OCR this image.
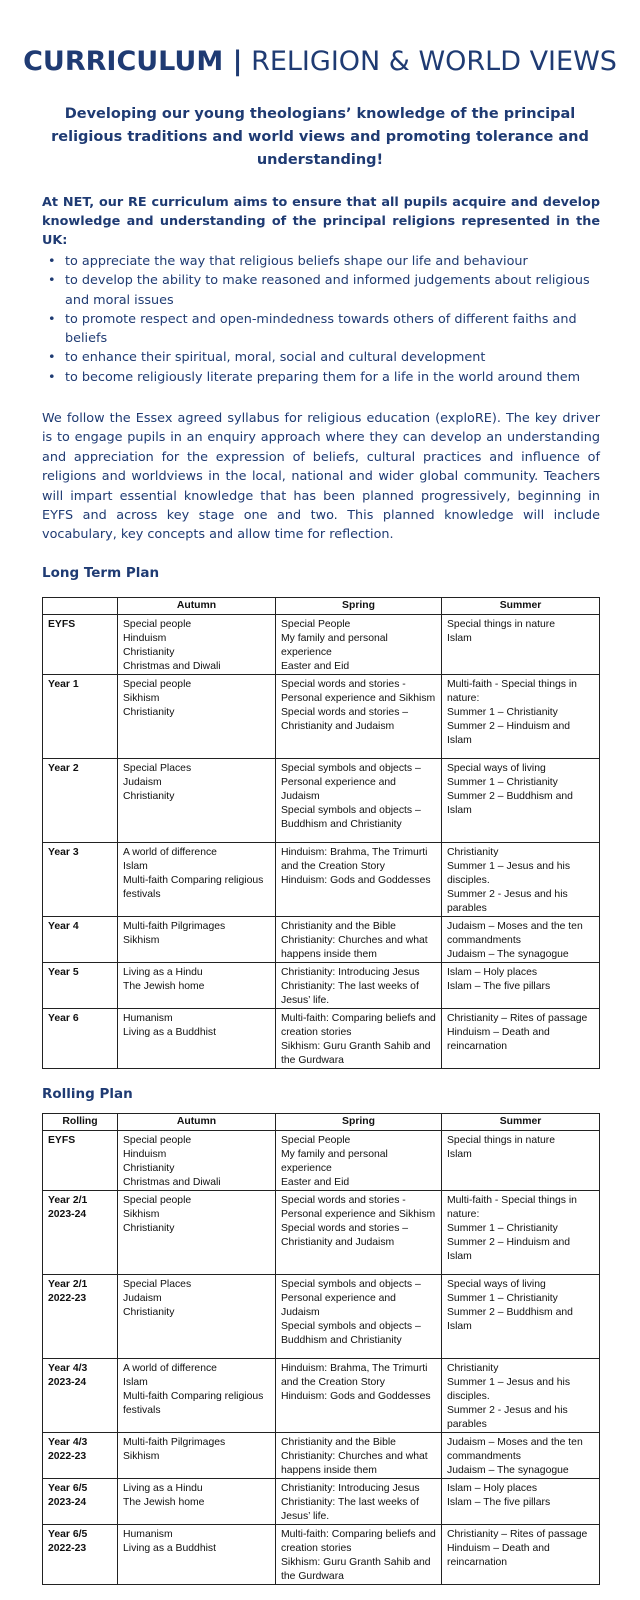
CURRICULUM | RELIGION & WORLD VIEWS
Developing our young theologians’ knowledge of the principal religious traditions and world views and promoting tolerance and understanding!
At NET, our RE curriculum aims to ensure that all pupils acquire and develop knowledge and understanding of the principal religions represented in the UK:
• to appreciate the way that religious beliefs shape our life and behaviour
• to develop the ability to make reasoned and informed judgements about religious and moral issues
• to promote respect and open-mindedness towards others of different faiths and beliefs
• to enhance their spiritual, moral, social and cultural development
• to become religiously literate preparing them for a life in the world around them
We follow the Essex agreed syllabus for religious education (exploRE). The key driver is to engage pupils in an enquiry approach where they can develop an understanding and appreciation for the expression of beliefs, cultural practices and influence of religions and worldviews in the local, national and wider global community. Teachers will impart essential knowledge that has been planned progressively, beginning in EYFS and across key stage one and two. This planned knowledge will include vocabulary, key concepts and allow time for reflection.
Long Term Plan
	Autumn	Spring	Summer

EYFS	Special people
Hinduism
Christianity
Christmas and Diwali	Special People
My family and personal experience
Easter and Eid	Special things in nature
Islam

Year 1	Special people
Sikhism
Christianity	Special words and stories - Personal experience and Sikhism
Special words and stories – Christianity and Judaism	Multi-faith - Special things in nature:
Summer 1 – Christianity
Summer 2 – Hinduism and Islam

Year 2	Special Places
Judaism
Christianity	Special symbols and objects – Personal experience and Judaism
Special symbols and objects – Buddhism and Christianity	Special ways of living
Summer 1 – Christianity
Summer 2 – Buddhism and Islam

Year 3	A world of difference
Islam
Multi-faith Comparing religious festivals	Hinduism: Brahma, The Trimurti and the Creation Story
Hinduism: Gods and Goddesses	Christianity
Summer 1 – Jesus and his disciples.
Summer 2 - Jesus and his parables

Year 4	Multi-faith Pilgrimages
Sikhism	Christianity and the Bible
Christianity: Churches and what happens inside them	Judaism – Moses and the ten commandments
Judaism – The synagogue

Year 5	Living as a Hindu
The Jewish home	Christianity: Introducing Jesus
Christianity: The last weeks of Jesus’ life.	Islam – Holy places
Islam – The five pillars

Year 6	Humanism
Living as a Buddhist	Multi-faith: Comparing beliefs and creation stories
Sikhism: Guru Granth Sahib and the Gurdwara	Christianity – Rites of passage
Hinduism – Death and reincarnation
Rolling Plan
Rolling	Autumn	Spring	Summer

EYFS	Special people
Hinduism
Christianity
Christmas and Diwali	Special People
My family and personal experience
Easter and Eid	Special things in nature
Islam

Year 2/1
2023-24	Special people
Sikhism
Christianity	Special words and stories - Personal experience and Sikhism
Special words and stories – Christianity and Judaism	Multi-faith - Special things in nature:
Summer 1 – Christianity
Summer 2 – Hinduism and Islam

Year 2/1
2022-23	Special Places
Judaism
Christianity	Special symbols and objects – Personal experience and Judaism
Special symbols and objects – Buddhism and Christianity	Special ways of living
Summer 1 – Christianity
Summer 2 – Buddhism and Islam

Year 4/3
2023-24	A world of difference
Islam
Multi-faith Comparing religious festivals	Hinduism: Brahma, The Trimurti and the Creation Story
Hinduism: Gods and Goddesses	Christianity
Summer 1 – Jesus and his disciples.
Summer 2 - Jesus and his parables

Year 4/3
2022-23	Multi-faith Pilgrimages
Sikhism	Christianity and the Bible
Christianity: Churches and what happens inside them	Judaism – Moses and the ten commandments
Judaism – The synagogue

Year 6/5
2023-24	Living as a Hindu
The Jewish home	Christianity: Introducing Jesus
Christianity: The last weeks of Jesus’ life.	Islam – Holy places
Islam – The five pillars

Year 6/5
2022-23	Humanism
Living as a Buddhist	Multi-faith: Comparing beliefs and creation stories
Sikhism: Guru Granth Sahib and the Gurdwara	Christianity – Rites of passage
Hinduism – Death and reincarnation
